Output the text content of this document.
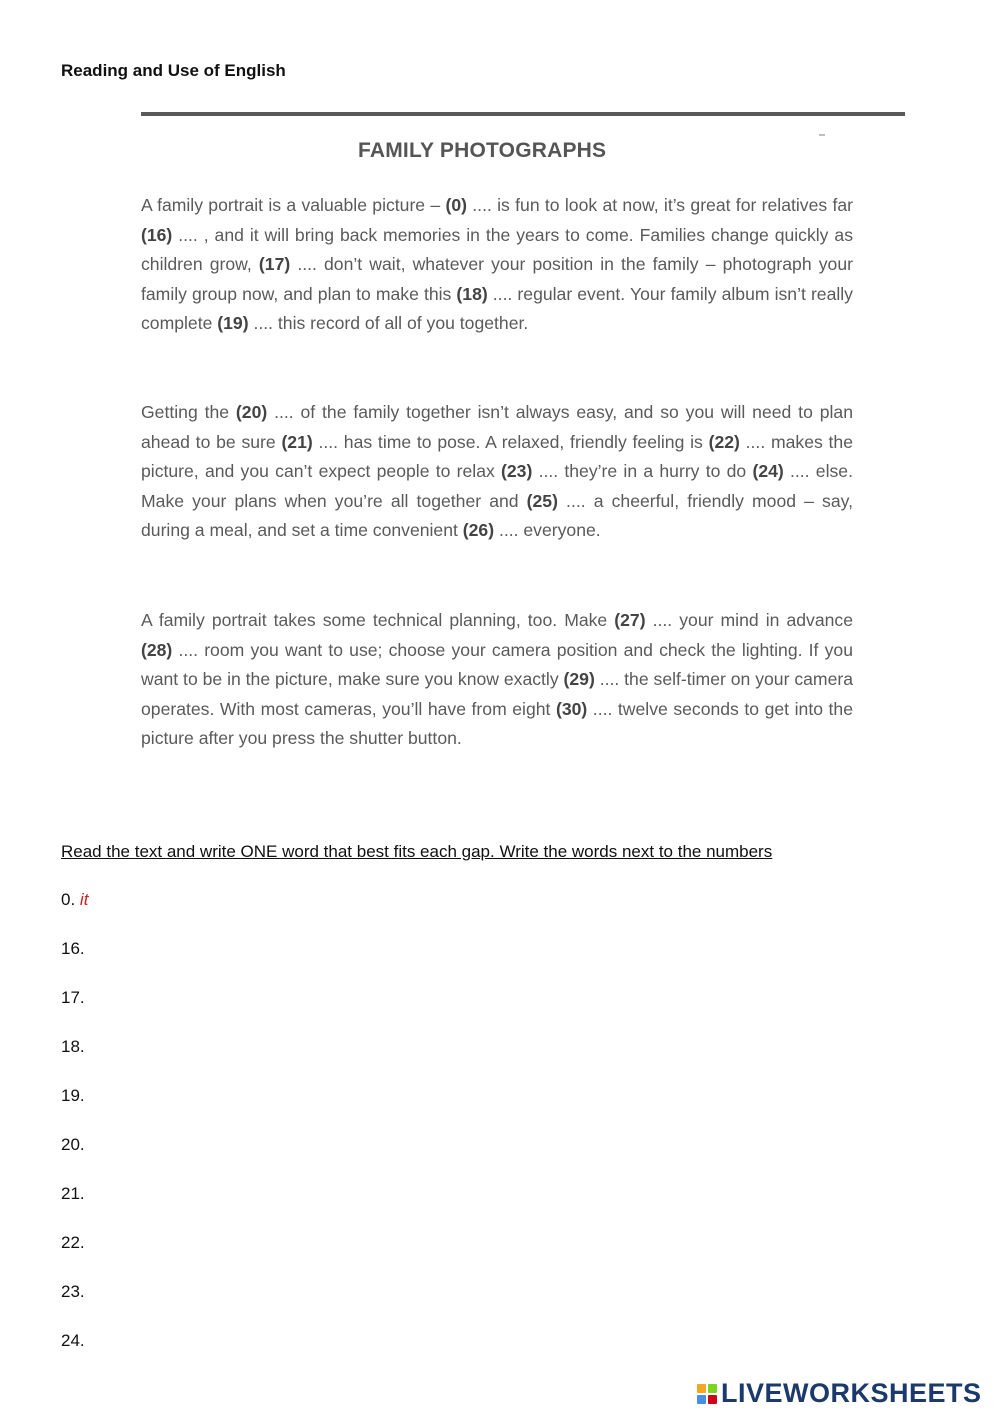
Reading and Use of English
FAMILY PHOTOGRAPHS

A family portrait is a valuable picture – (0) .... is fun to look at now, it’s great for relatives far (16) .... , and it will bring back memories in the years to come. Families change quickly as children grow, (17) .... don’t wait, whatever your position in the family – photograph your family group now, and plan to make this (18) .... regular event. Your family album isn’t really complete (19) .... this record of all of you together.

Getting the (20) .... of the family together isn’t always easy, and so you will need to plan ahead to be sure (21) .... has time to pose. A relaxed, friendly feeling is (22) .... makes the picture, and you can’t expect people to relax (23) .... they’re in a hurry to do (24) .... else. Make your plans when you’re all together and (25) .... a cheerful, friendly mood – say, during a meal, and set a time convenient (26) .... everyone.

A family portrait takes some technical planning, too. Make (27) .... your mind in advance (28) .... room you want to use; choose your camera position and check the lighting. If you want to be in the picture, make sure you know exactly (29) .... the self-timer on your camera operates. With most cameras, you’ll have from eight (30) .... twelve seconds to get into the picture after you press the shutter button.

Read the text and write ONE word that best fits each gap. Write the words next to the numbers
0. it
16.
17.
18.
19.
20.
21.
22.
23.
24.
LIVEWORKSHEETS
